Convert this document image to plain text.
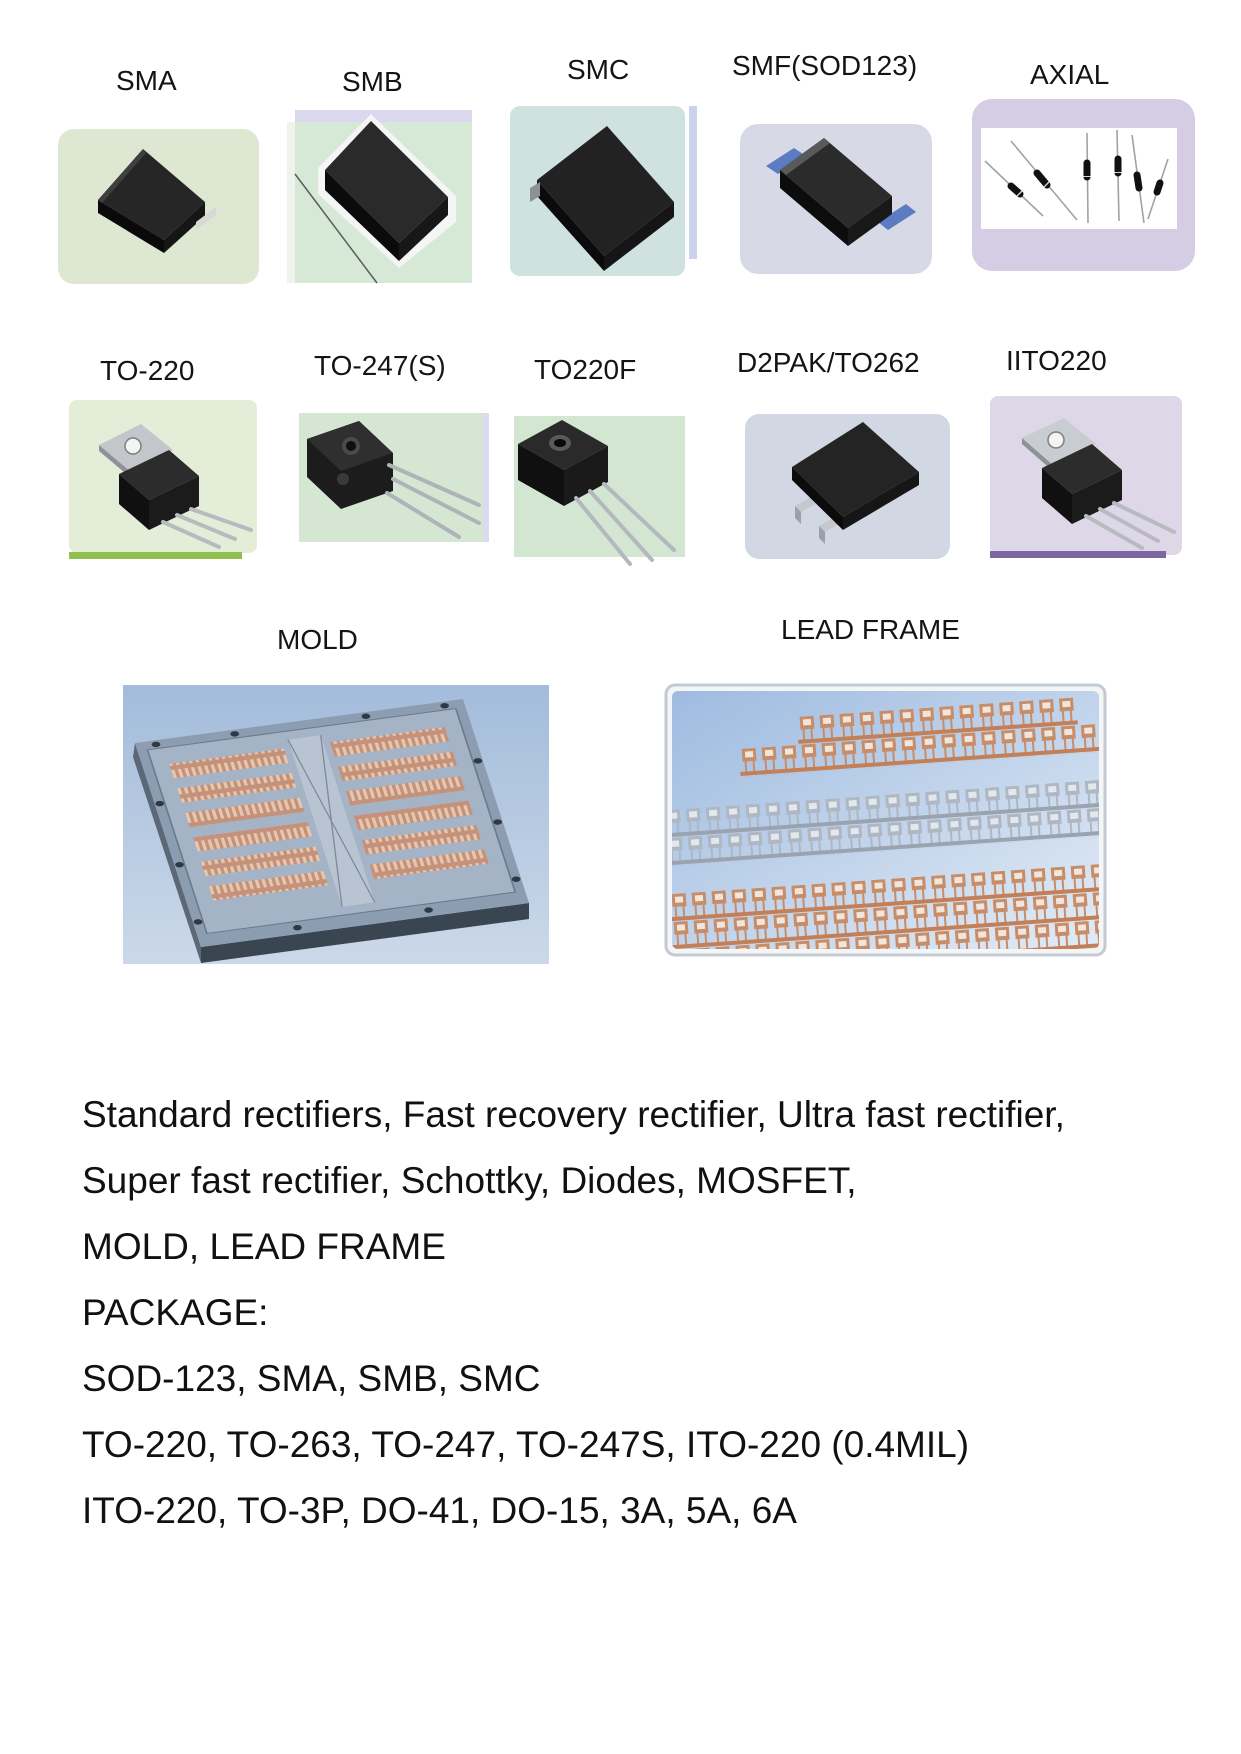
SMA	SMB	SMC	SMF(SOD123)	AXIAL
TO-220	TO-247(S)	TO220F	D2PAK/TO262	IITO220
MOLD	LEAD FRAME
Standard rectifiers, Fast recovery rectifier, Ultra fast rectifier,
Super fast rectifier, Schottky, Diodes, MOSFET,
MOLD, LEAD FRAME
PACKAGE:
SOD-123, SMA, SMB, SMC
TO-220, TO-263, TO-247, TO-247S, ITO-220 (0.4MIL)
ITO-220, TO-3P, DO-41, DO-15, 3A, 5A, 6A
